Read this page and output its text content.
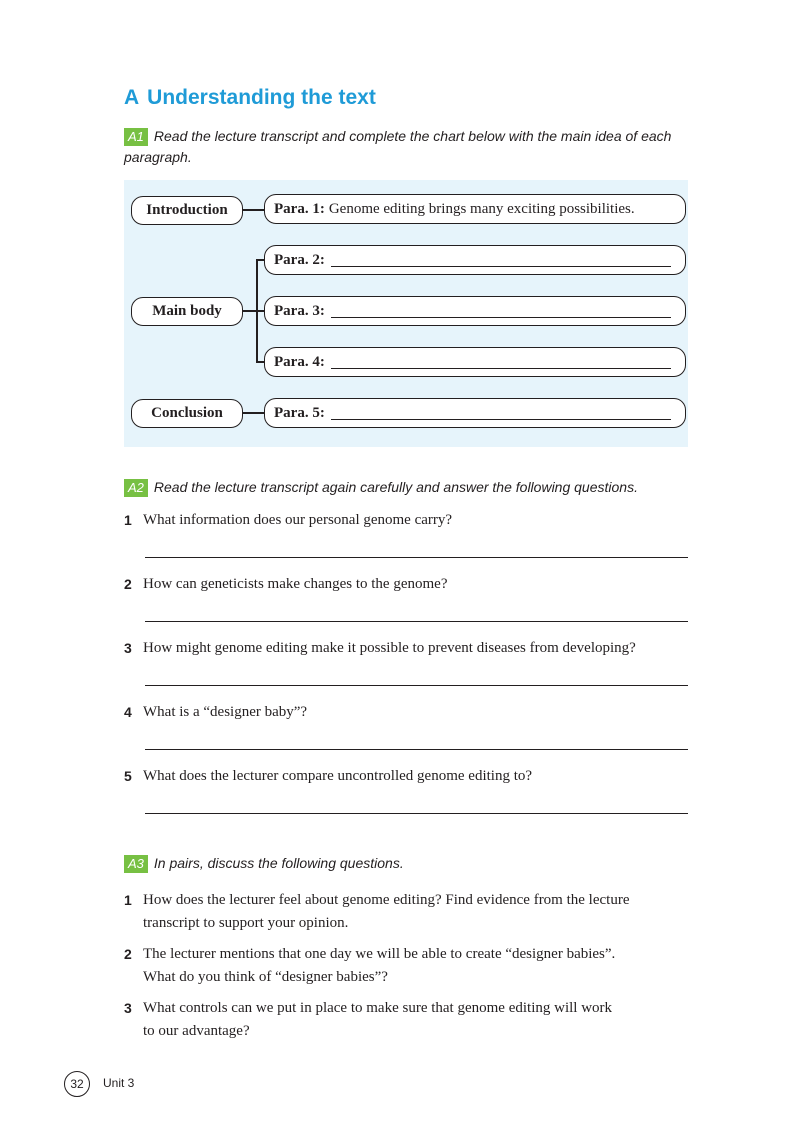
A Understanding the text
A1 Read the lecture transcript and complete the chart below with the main idea of each
paragraph.
Introduction
Main body
Conclusion
Para. 1: Genome editing brings many exciting possibilities.
Para. 2:
Para. 3:
Para. 4:
Para. 5:
A2 Read the lecture transcript again carefully and answer the following questions.
1 What information does our personal genome carry?
2 How can geneticists make changes to the genome?
3 How might genome editing make it possible to prevent diseases from developing?
4 What is a “designer baby”?
5 What does the lecturer compare uncontrolled genome editing to?
A3 In pairs, discuss the following questions.
1 How does the lecturer feel about genome editing? Find evidence from the lecture
transcript to support your opinion.
2 The lecturer mentions that one day we will be able to create “designer babies”.
What do you think of “designer babies”?
3 What controls can we put in place to make sure that genome editing will work
to our advantage?
32	Unit 3
